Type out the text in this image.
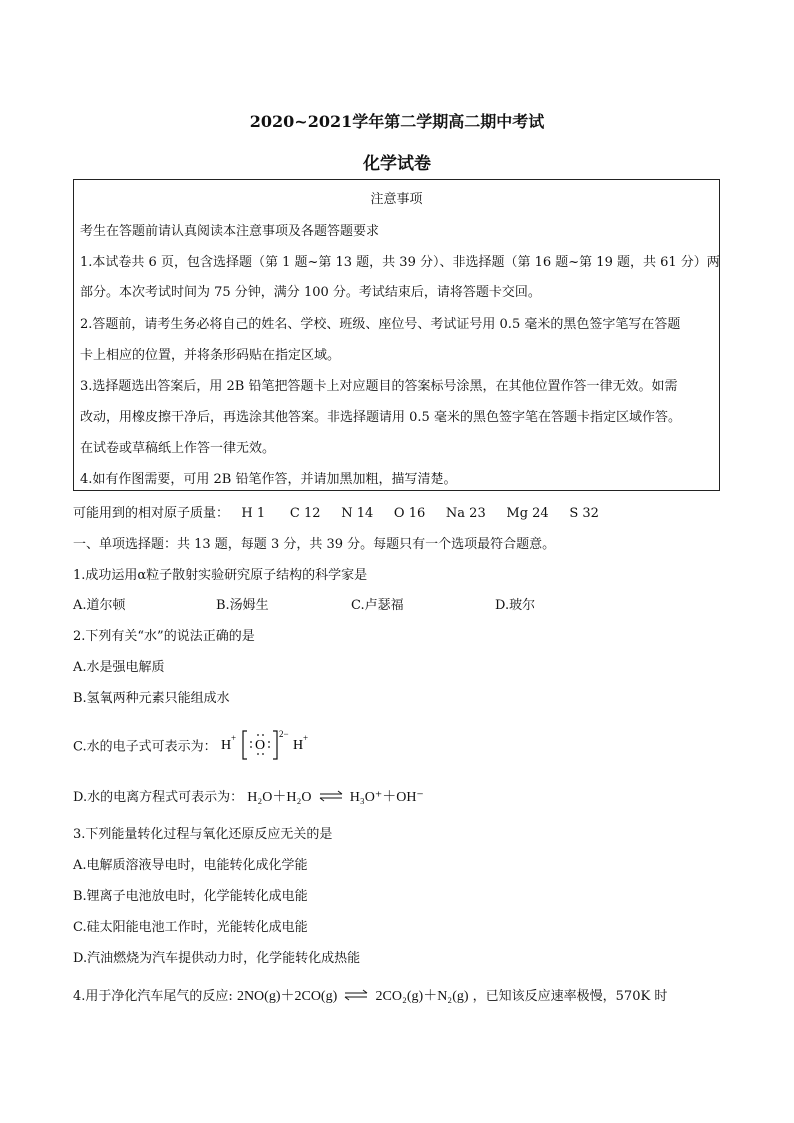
2020~2021学年第二学期高二期中考试
化学试卷
注意事项
考生在答题前请认真阅读本注意事项及各题答题要求
1.本试卷共 6 页，包含选择题（第 1 题~第 13 题，共 39 分）、非选择题（第 16 题~第 19 题，共 61 分）两
部分。本次考试时间为 75 分钟，满分 100 分。考试结束后，请将答题卡交回。
2.答题前，请考生务必将自己的姓名、学校、班级、座位号、考试证号用 0.5 毫米的黑色签字笔写在答题
卡上相应的位置，并将条形码贴在指定区域。
3.选择题选出答案后，用 2B 铅笔把答题卡上对应题目的答案标号涂黑，在其他位置作答一律无效。如需
改动，用橡皮擦干净后，再选涂其他答案。非选择题请用 0.5 毫米的黑色签字笔在答题卡指定区域作答。
在试卷或草稿纸上作答一律无效。
4.如有作图需要，可用 2B 铅笔作答，并请加黑加粗，描写清楚。
可能用到的相对原子质量：   H 1      C 12     N 14     O 16     Na 23     Mg 24     S 32
一、单项选择题：共 13 题，每题 3 分，共 39 分。每题只有一个选项最符合题意。
1.成功运用α粒子散射实验研究原子结构的科学家是
A.道尔顿	B.汤姆生	C.卢瑟福	D.玻尔
2.下列有关“水”的说法正确的是
A.水是强电解质
B.氢氧两种元素只能组成水
C.水的电子式可表示为： H + O
2−
H +
D.水的电离方程式可表示为： H₂O＋H₂O ⇌ H₃O⁺＋OH⁻
3.下列能量转化过程与氧化还原反应无关的是
A.电解质溶液导电时，电能转化成化学能
B.锂离子电池放电时，化学能转化成电能
C.硅太阳能电池工作时，光能转化成电能
D.汽油燃烧为汽车提供动力时，化学能转化成热能
4.用于净化汽车尾气的反应: 2NO(g)＋2CO(g) ⇌ 2CO₂(g)＋N₂(g) ，已知该反应速率极慢，570K 时
